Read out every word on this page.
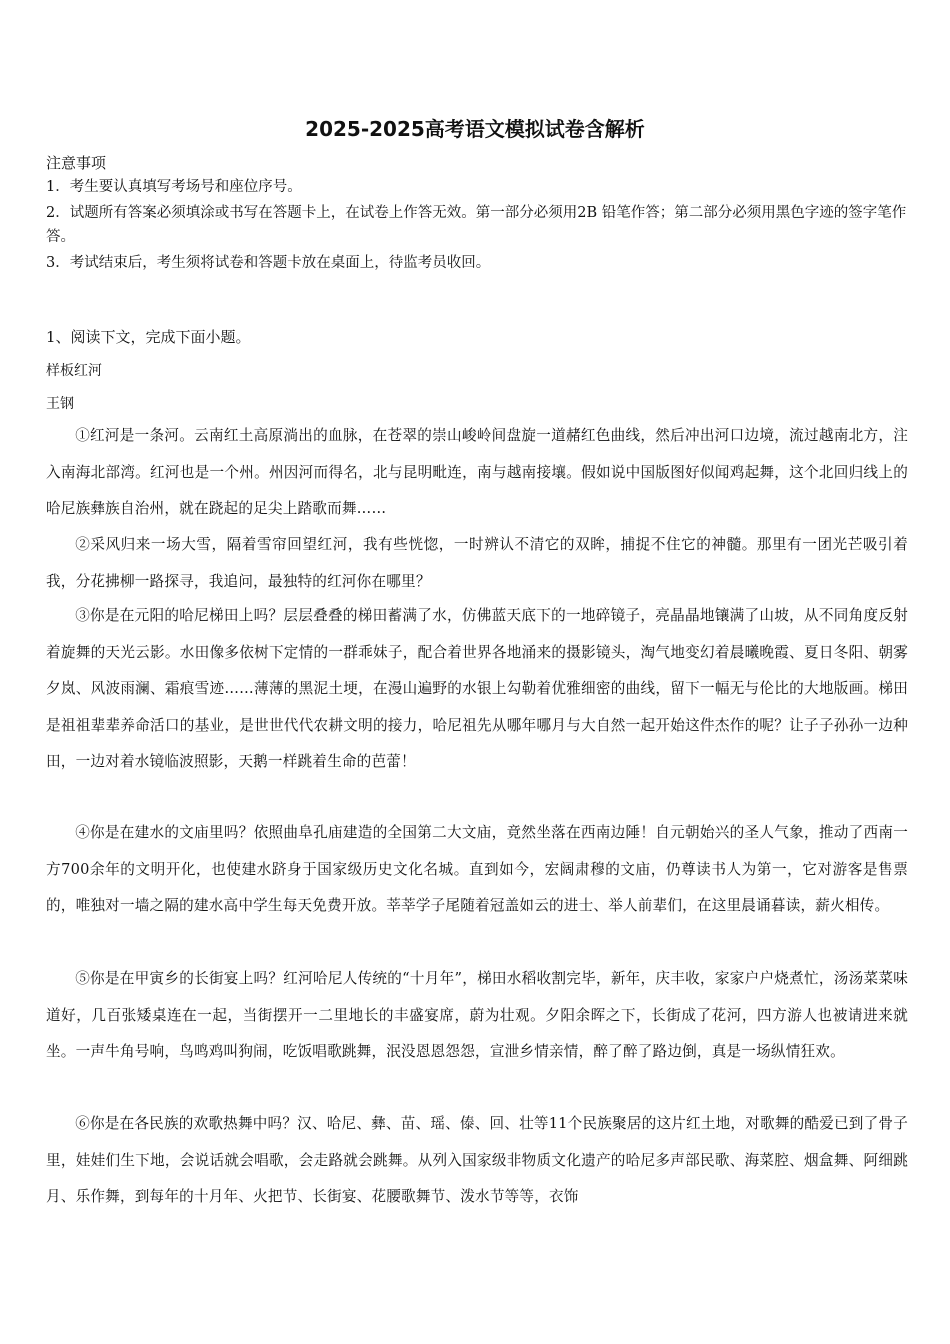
2025-2025高考语文模拟试卷含解析
注意事项
1．考生要认真填写考场号和座位序号。
2．试题所有答案必须填涂或书写在答题卡上，在试卷上作答无效。第一部分必须用2B 铅笔作答；第二部分必须用黑色字迹的签字笔作答。
3．考试结束后，考生须将试卷和答题卡放在桌面上，待监考员收回。
1、阅读下文，完成下面小题。
样板红河
王钢
①红河是一条河。云南红土高原淌出的血脉，在苍翠的崇山峻岭间盘旋一道赭红色曲线，然后冲出河口边境，流过越南北方，注入南海北部湾。红河也是一个州。州因河而得名，北与昆明毗连，南与越南接壤。假如说中国版图好似闻鸡起舞，这个北回归线上的哈尼族彝族自治州，就在跷起的足尖上踏歌而舞……
②采风归来一场大雪，隔着雪帘回望红河，我有些恍惚，一时辨认不清它的双眸，捕捉不住它的神髓。那里有一团光芒吸引着我，分花拂柳一路探寻，我追问，最独特的红河你在哪里？
③你是在元阳的哈尼梯田上吗？层层叠叠的梯田蓄满了水，仿佛蓝天底下的一地碎镜子，亮晶晶地镶满了山坡，从不同角度反射着旋舞的天光云影。水田像多依树下定情的一群乖妹子，配合着世界各地涌来的摄影镜头，淘气地变幻着晨曦晚霞、夏日冬阳、朝雾夕岚、风波雨澜、霜痕雪迹……薄薄的黑泥土埂，在漫山遍野的水银上勾勒着优雅细密的曲线，留下一幅无与伦比的大地版画。梯田是祖祖辈辈养命活口的基业，是世世代代农耕文明的接力，哈尼祖先从哪年哪月与大自然一起开始这件杰作的呢？让子子孙孙一边种田，一边对着水镜临波照影，天鹅一样跳着生命的芭蕾！
④你是在建水的文庙里吗？依照曲阜孔庙建造的全国第二大文庙，竟然坐落在西南边陲！自元朝始兴的圣人气象，推动了西南一方700余年的文明开化，也使建水跻身于国家级历史文化名城。直到如今，宏阔肃穆的文庙，仍尊读书人为第一，它对游客是售票的，唯独对一墙之隔的建水高中学生每天免费开放。莘莘学子尾随着冠盖如云的进士、举人前辈们，在这里晨诵暮读，薪火相传。
⑤你是在甲寅乡的长街宴上吗？红河哈尼人传统的“十月年”，梯田水稻收割完毕，新年，庆丰收，家家户户烧煮忙，汤汤菜菜味道好，几百张矮桌连在一起，当街摆开一二里地长的丰盛宴席，蔚为壮观。夕阳余晖之下，长街成了花河，四方游人也被请进来就坐。一声牛角号响，鸟鸣鸡叫狗闹，吃饭唱歌跳舞，泯没恩恩怨怨，宣泄乡情亲情，醉了醉了路边倒，真是一场纵情狂欢。
⑥你是在各民族的欢歌热舞中吗？汉、哈尼、彝、苗、瑶、傣、回、壮等11个民族聚居的这片红土地，对歌舞的酷爱已到了骨子里，娃娃们生下地，会说话就会唱歌，会走路就会跳舞。从列入国家级非物质文化遗产的哈尼多声部民歌、海菜腔、烟盒舞、阿细跳月、乐作舞，到每年的十月年、火把节、长街宴、花腰歌舞节、泼水节等等，衣饰
